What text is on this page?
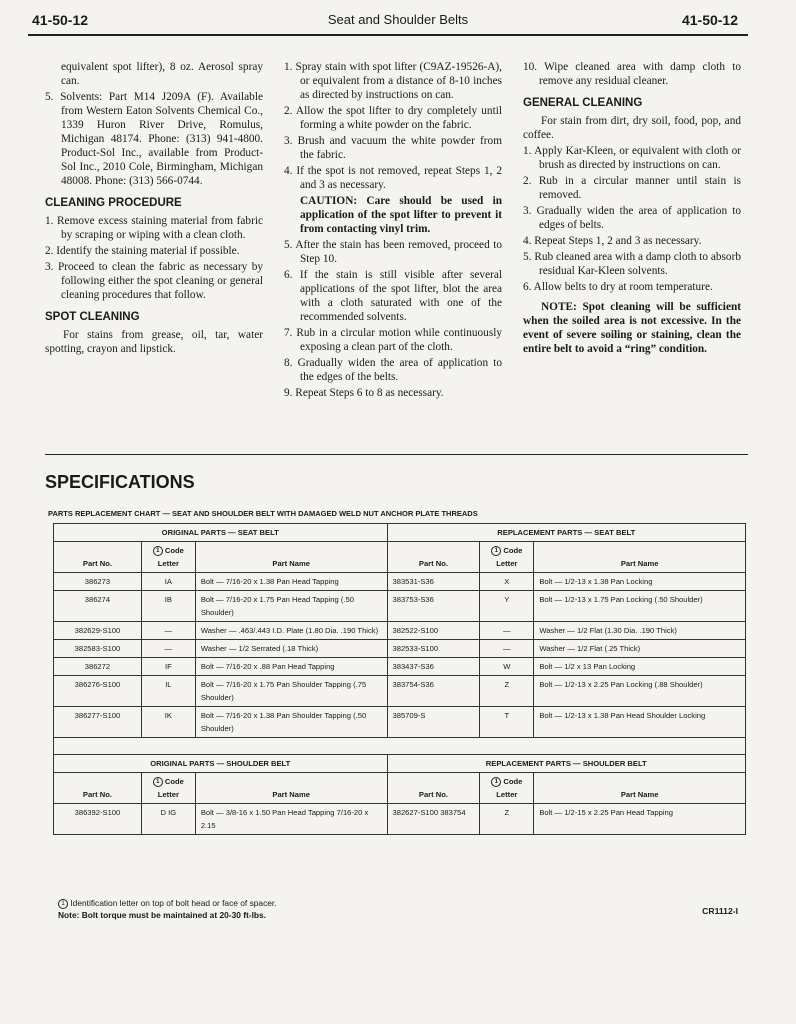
41-50-12	Seat and Shoulder Belts	41-50-12

equivalent spot lifter), 8 oz. Aerosol spray can.

5. Solvents: Part M14 J209A (F). Available from Western Eaton Solvents Chemical Co., 1339 Huron River Drive, Romulus, Michigan 48174. Phone: (313) 941-4800. Product-Sol Inc., available from Product-Sol Inc., 2010 Cole, Birmingham, Michigan 48008. Phone: (313) 566-0744.

CLEANING PROCEDURE

1. Remove excess staining material from fabric by scraping or wiping with a clean cloth.

2. Identify the staining material if possible.

3. Proceed to clean the fabric as necessary by following either the spot cleaning or general cleaning procedures that follow.

SPOT CLEANING

For stains from grease, oil, tar, water spotting, crayon and lipstick.

1. Spray stain with spot lifter (C9AZ-19526-A), or equivalent from a distance of 8-10 inches as directed by instructions on can.

2. Allow the spot lifter to dry completely until forming a white powder on the fabric.

3. Brush and vacuum the white powder from the fabric.

4. If the spot is not removed, repeat Steps 1, 2 and 3 as necessary.

CAUTION: Care should be used in application of the spot lifter to prevent it from contacting vinyl trim.

5. After the stain has been removed, proceed to Step 10.

6. If the stain is still visible after several applications of the spot lifter, blot the area with a cloth saturated with one of the recommended solvents.

7. Rub in a circular motion while continuously exposing a clean part of the cloth.

8. Gradually widen the area of application to the edges of the belts.

9. Repeat Steps 6 to 8 as necessary.

10. Wipe cleaned area with damp cloth to remove any residual cleaner.

GENERAL CLEANING

For stain from dirt, dry soil, food, pop, and coffee.

1. Apply Kar-Kleen, or equivalent with cloth or brush as directed by instructions on can.

2. Rub in a circular manner until stain is removed.

3. Gradually widen the area of application to edges of belts.

4. Repeat Steps 1, 2 and 3 as necessary.

5. Rub cleaned area with a damp cloth to absorb residual Kar-Kleen solvents.

6. Allow belts to dry at room temperature.

NOTE: Spot cleaning will be sufficient when the soiled area is not excessive. In the event of severe soiling or staining, clean the entire belt to avoid a “ring” condition.

SPECIFICATIONS
PARTS REPLACEMENT CHART — SEAT AND SHOULDER BELT WITH DAMAGED WELD NUT ANCHOR PLATE THREADS
ORIGINAL PARTS — SEAT BELT			REPLACEMENT PARTS — SEAT BELT		
Part No.	1 Code
Letter	Part Name	Part No.	1 Code
Letter	Part Name
386273	IA	Bolt — 7/16-20 x 1.38 Pan Head Tapping	383531-S36	X	Bolt — 1/2-13 x 1.38 Pan Locking
386274	IB	Bolt — 7/16-20 x 1.75 Pan Head Tapping (.50 Shoulder)	383753-S36	Y	Bolt — 1/2-13 x 1.75 Pan Locking (.50 Shoulder)
382629-S100	—	Washer — .463/.443 I.D. Plate (1.80 Dia. .190 Thick)	382522-S100	—	Washer — 1/2 Flat (1.30 Dia. .190 Thick)
382583-S100	—	Washer — 1/2 Serrated (.18 Thick)	382533-S100	—	Washer — 1/2 Flat (.25 Thick)
386272	IF	Bolt — 7/16-20 x .88 Pan Head Tapping	383437-S36	W	Bolt — 1/2 x 13 Pan Locking
386276-S100	IL	Bolt — 7/16-20 x 1.75 Pan Shoulder Tapping (.75 Shoulder)	383754-S36	Z	Bolt — 1/2-13 x 2.25 Pan Locking (.88 Shoulder)
386277-S100	IK	Bolt — 7/16-20 x 1.38 Pan Shoulder Tapping (.50 Shoulder)	385709-S	T	Bolt — 1/2-13 x 1.38 Pan Head Shoulder Locking

ORIGINAL PARTS — SHOULDER BELT			REPLACEMENT PARTS — SHOULDER BELT		
Part No.	1 Code
Letter	Part Name	Part No.	1 Code
Letter	Part Name
386392-S100	D IG	Bolt — 3/8-16 x 1.50 Pan Head Tapping 7/16-20 x 2.15	382627-S100 383754	Z	Bolt — 1/2-15 x 2.25 Pan Head Tapping
1 Identification letter on top of bolt head or face of spacer.
Note: Bolt torque must be maintained at 20-30 ft-lbs.	CR1112-I
